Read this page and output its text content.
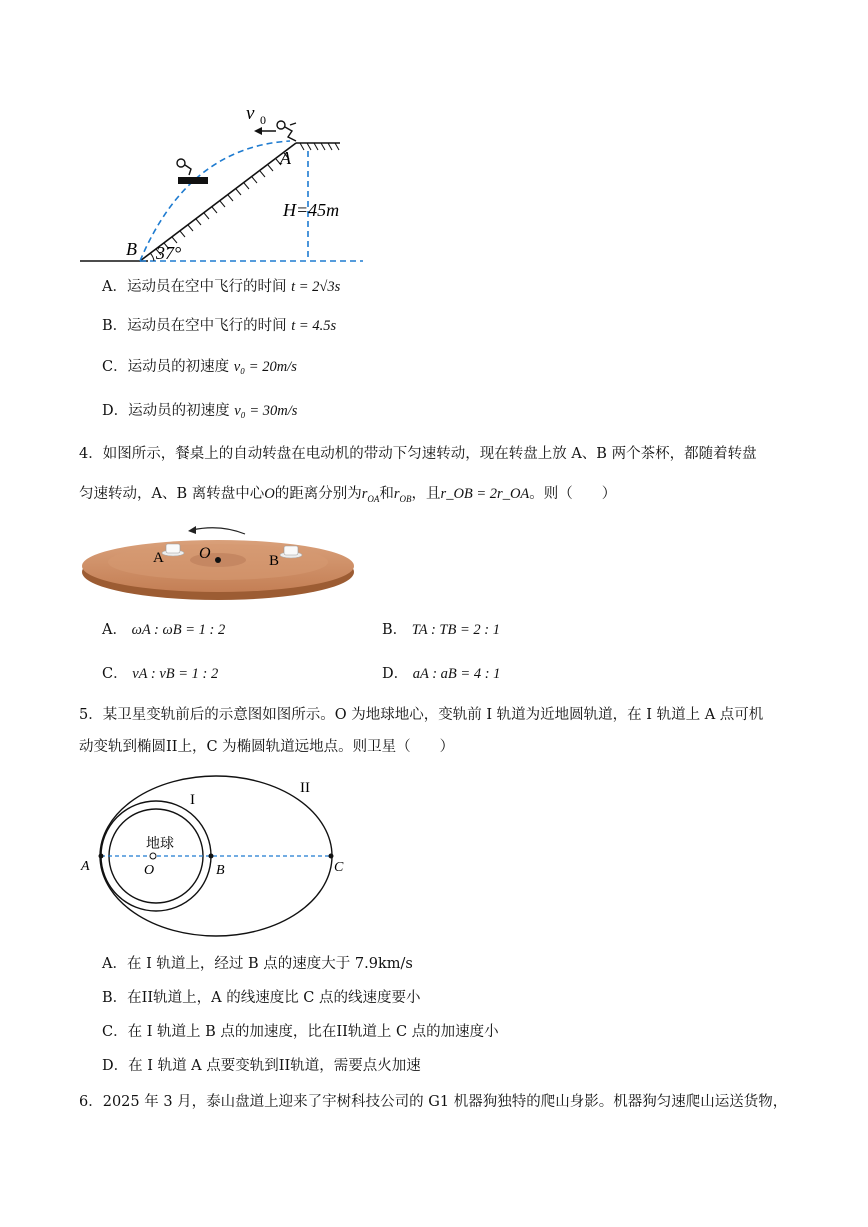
v 0
A
B 37°
H=45m
A．运动员在空中飞行的时间 t = 2√3s
B．运动员在空中飞行的时间 t = 4.5s
C．运动员的初速度 v₀ = 20m/s
D．运动员的初速度 v₀ = 30m/s
4．如图所示，餐桌上的自动转盘在电动机的带动下匀速转动，现在转盘上放 A、B 两个茶杯，都随着转盘
匀速转动，A、B 离转盘中心O的距离分别为$r_{OA}$和$r_{OB}$，且r_OB = 2r_OA。则（　　）
A O	B
A． ωA : ωB = 1 : 2	B． TA : TB = 2 : 1
C． vA : vB = 1 : 2	D． aA : aB = 4 : 1
5．某卫星变轨前后的示意图如图所示。O 为地球地心，变轨前 I 轨道为近地圆轨道，在 I 轨道上 A 点可机
动变轨到椭圆II上，C 为椭圆轨道远地点。则卫星（　　）
I
II
地球
O
A	B	C
A．在 I 轨道上，经过 B 点的速度大于 7.9km/s
B．在II轨道上，A 的线速度比 C 点的线速度要小
C．在 I 轨道上 B 点的加速度，比在II轨道上 C 点的加速度小
D．在 I 轨道 A 点要变轨到II轨道，需要点火加速
6．2025 年 3 月，泰山盘道上迎来了宇树科技公司的 G1 机器狗独特的爬山身影。机器狗匀速爬山运送货物，
